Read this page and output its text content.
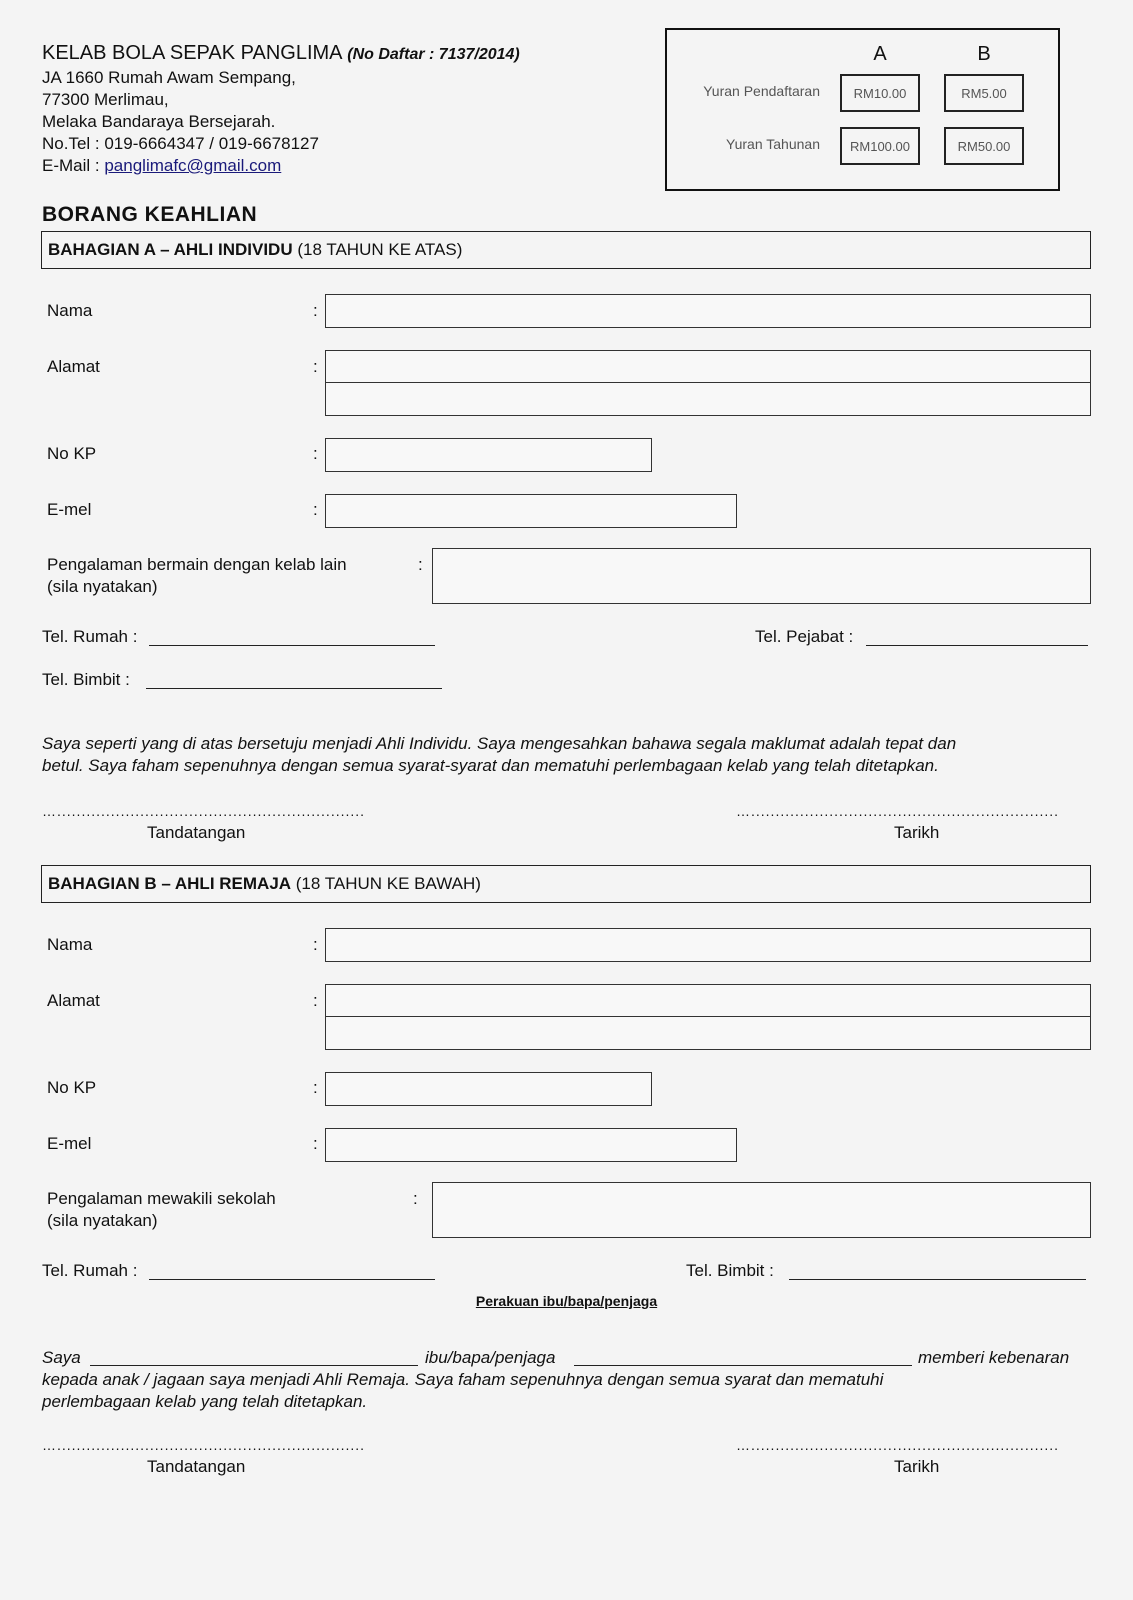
KELAB BOLA SEPAK PANGLIMA (No Daftar : 7137/2014)
JA 1660 Rumah Awam Sempang,
77300 Merlimau,
Melaka Bandaraya Bersejarah.
No.Tel : 019-6664347 / 019-6678127
E-Mail : panglimafc@gmail.com
A	B
Yuran Pendaftaran	RM10.00	RM5.00
Yuran Tahunan	RM100.00	RM50.00
BORANG KEAHLIAN
BAHAGIAN A – AHLI INDIVIDU (18 TAHUN KE ATAS)
Nama	:
Alamat	:
No KP	:
E-mel	:
Pengalaman bermain dengan kelab lain
(sila nyatakan)
:
Tel. Rumah :	Tel. Pejabat :
Tel. Bimbit :
Saya seperti yang di atas bersetuju menjadi Ahli Individu. Saya mengesahkan bahawa segala maklumat adalah tepat dan
betul. Saya faham sepenuhnya dengan semua syarat-syarat dan mematuhi perlembagaan kelab yang telah ditetapkan.
…...............................................................
Tandatangan
…...............................................................
Tarikh
BAHAGIAN B – AHLI REMAJA (18 TAHUN KE BAWAH)
Nama	:
Alamat	:
No KP	:
E-mel	:
Pengalaman mewakili sekolah
(sila nyatakan)
:
Tel. Rumah :	Tel. Bimbit :
Perakuan ibu/bapa/penjaga
Saya	ibu/bapa/penjaga	memberi kebenaran
kepada anak / jagaan saya menjadi Ahli Remaja. Saya faham sepenuhnya dengan semua syarat dan mematuhi
perlembagaan kelab yang telah ditetapkan.
…...............................................................
Tandatangan
…...............................................................
Tarikh
